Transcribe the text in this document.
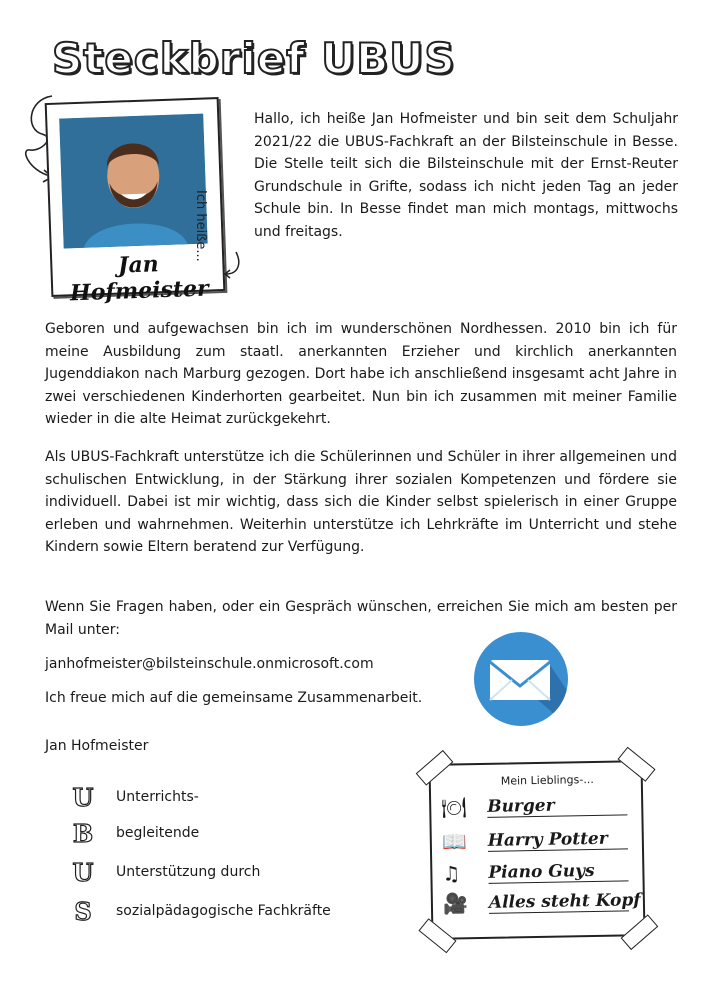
Steckbrief UBUS
Jan Hofmeister
Ich heiße...
Hallo, ich heiße Jan Hofmeister und bin seit dem Schuljahr 2021/22 die UBUS-Fachkraft an der Bilsteinschule in Besse. Die Stelle teilt sich die Bilsteinschule mit der Ernst-Reuter Grundschule in Grifte, sodass ich nicht jeden Tag an jeder Schule bin. In Besse findet man mich montags, mittwochs und freitags.
Geboren und aufgewachsen bin ich im wunderschönen Nordhessen. 2010 bin ich für meine Ausbildung zum staatl. anerkannten Erzieher und kirchlich anerkannten Jugenddiakon nach Marburg gezogen. Dort habe ich anschließend insgesamt acht Jahre in zwei verschiedenen Kinderhorten gearbeitet. Nun bin ich zusammen mit meiner Familie wieder in die alte Heimat zurückgekehrt.
Als UBUS-Fachkraft unterstütze ich die Schülerinnen und Schüler in ihrer allgemeinen und schulischen Entwicklung, in der Stärkung ihrer sozialen Kompetenzen und fördere sie individuell. Dabei ist mir wichtig, dass sich die Kinder selbst spielerisch in einer Gruppe erleben und wahrnehmen. Weiterhin unterstütze ich Lehrkräfte im Unterricht und stehe Kindern sowie Eltern beratend zur Verfügung.
Wenn Sie Fragen haben, oder ein Gespräch wünschen, erreichen Sie mich am besten per Mail unter:
janhofmeister@bilsteinschule.onmicrosoft.com
Ich freue mich auf die gemeinsame Zusammenarbeit.
Jan Hofmeister
U Unterrichts-
B begleitende
U Unterstützung durch
S	sozialpädagogische Fachkräfte
Mein Lieblings-...
🍽 Burger
📖 Harry Potter
♫ Piano Guys
🎥 Alles steht Kopf
